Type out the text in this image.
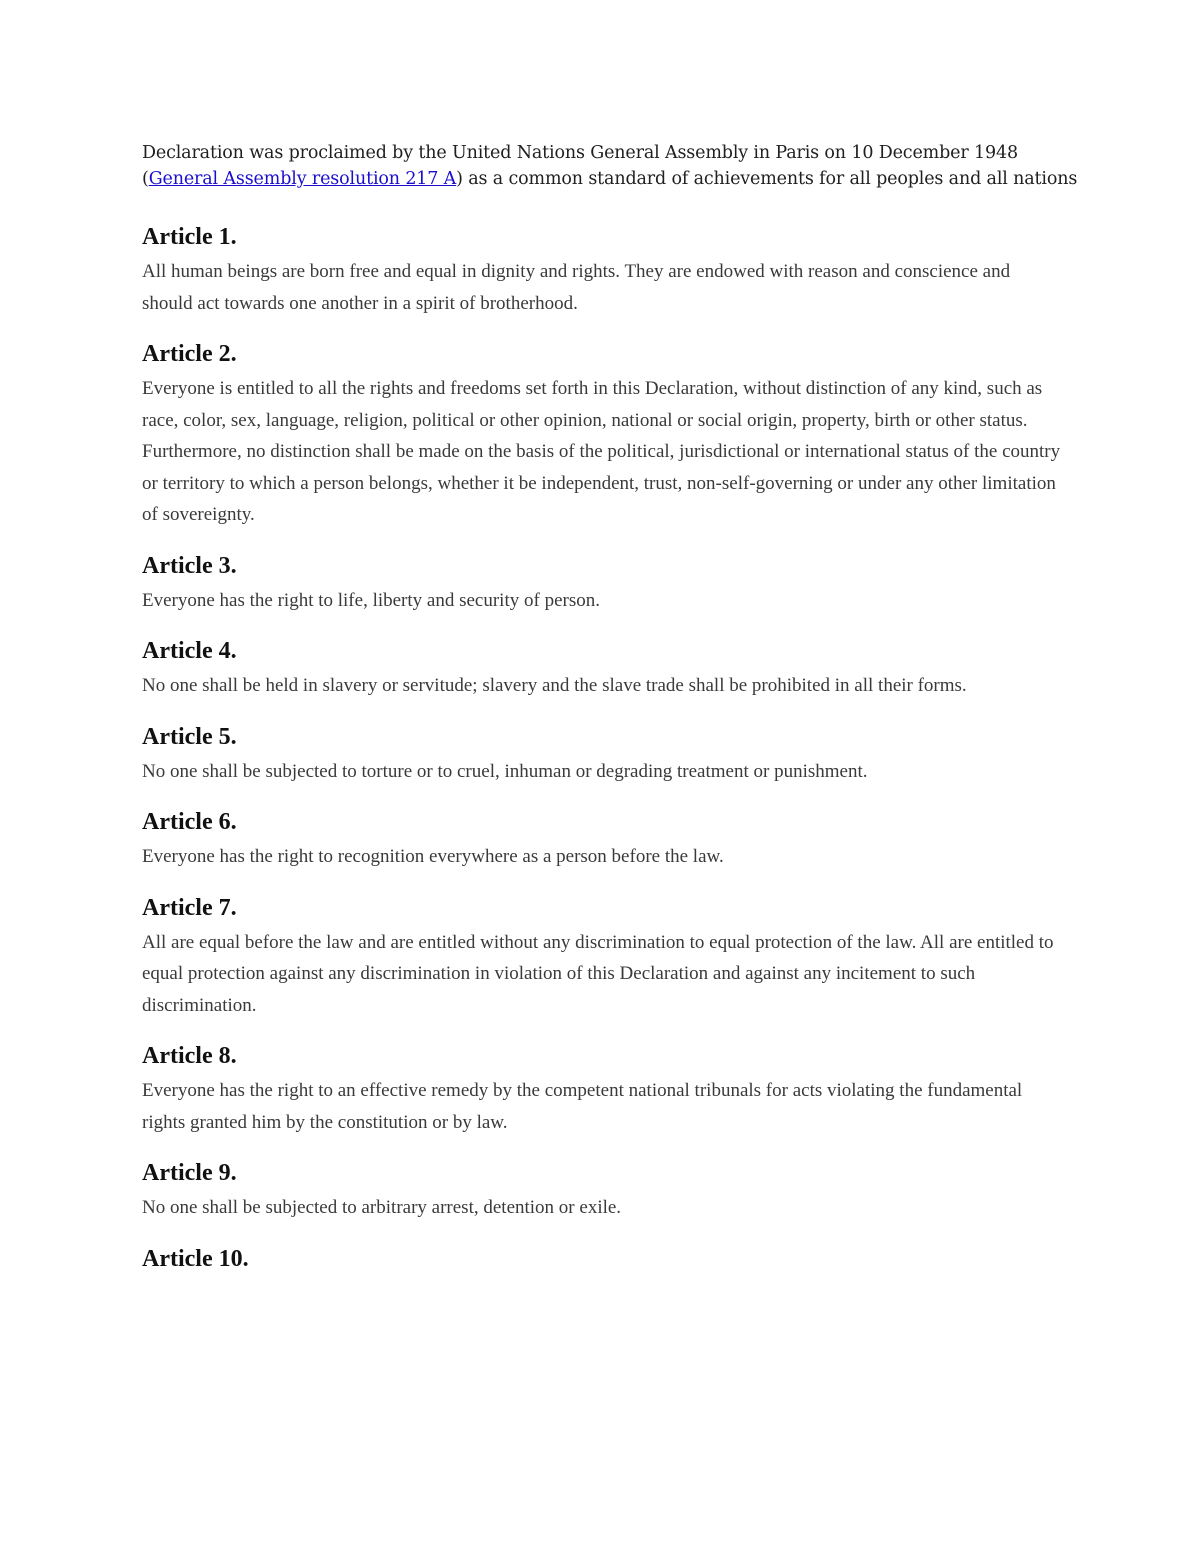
Declaration was proclaimed by the United Nations General Assembly in Paris on 10 December 1948
(General Assembly resolution 217 A) as a common standard of achievements for all peoples and all nations

Article 1.

All human beings are born free and equal in dignity and rights. They are endowed with reason and conscience and should act towards one another in a spirit of brotherhood.

Article 2.

Everyone is entitled to all the rights and freedoms set forth in this Declaration, without distinction of any kind, such as race, color, sex, language, religion, political or other opinion, national or social origin, property, birth or other status. Furthermore, no distinction shall be made on the basis of the political, jurisdictional or international status of the country or territory to which a person belongs, whether it be independent, trust, non-self-governing or under any other limitation of sovereignty.

Article 3.

Everyone has the right to life, liberty and security of person.

Article 4.

No one shall be held in slavery or servitude; slavery and the slave trade shall be prohibited in all their forms.

Article 5.

No one shall be subjected to torture or to cruel, inhuman or degrading treatment or punishment.

Article 6.

Everyone has the right to recognition everywhere as a person before the law.

Article 7.

All are equal before the law and are entitled without any discrimination to equal protection of the law. All are entitled to equal protection against any discrimination in violation of this Declaration and against any incitement to such discrimination.

Article 8.

Everyone has the right to an effective remedy by the competent national tribunals for acts violating the fundamental rights granted him by the constitution or by law.

Article 9.

No one shall be subjected to arbitrary arrest, detention or exile.

Article 10.
